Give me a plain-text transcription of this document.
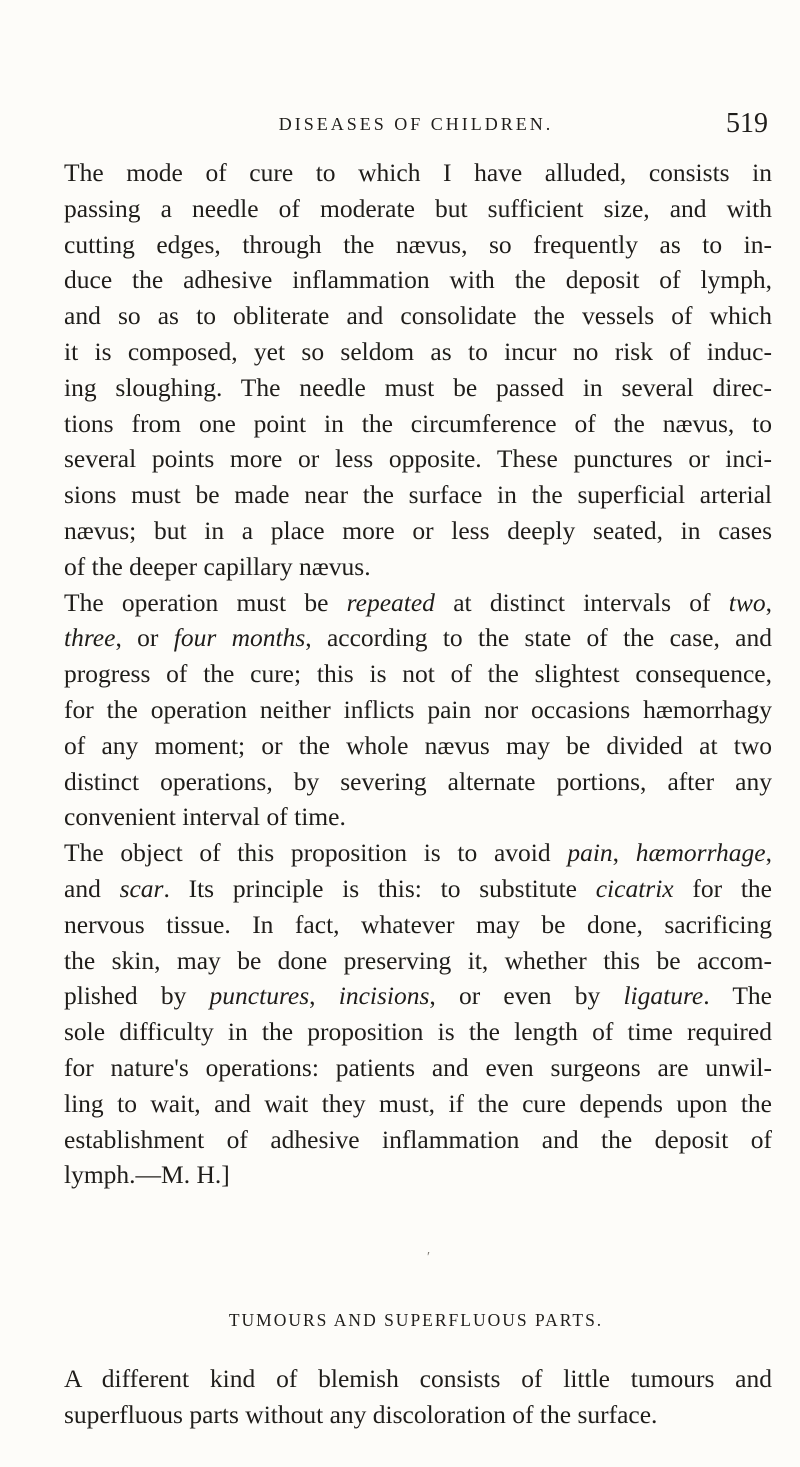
DISEASES OF CHILDREN.	519
The mode of cure to which I have alluded, consists in
passing a needle of moderate but sufficient size, and with
cutting edges, through the nævus, so frequently as to in-
duce the adhesive inflammation with the deposit of lymph,
and so as to obliterate and consolidate the vessels of which
it is composed, yet so seldom as to incur no risk of induc-
ing sloughing. The needle must be passed in several direc-
tions from one point in the circumference of the nævus, to
several points more or less opposite. These punctures or inci-
sions must be made near the surface in the superficial arterial
nævus; but in a place more or less deeply seated, in cases
of the deeper capillary nævus.
The operation must be repeated at distinct intervals of two,
three, or four months, according to the state of the case, and
progress of the cure; this is not of the slightest consequence,
for the operation neither inflicts pain nor occasions hæmorrhagy
of any moment; or the whole nævus may be divided at two
distinct operations, by severing alternate portions, after any
convenient interval of time.
The object of this proposition is to avoid pain, hæmorrhage,
and scar. Its principle is this: to substitute cicatrix for the
nervous tissue. In fact, whatever may be done, sacrificing
the skin, may be done preserving it, whether this be accom-
plished by punctures, incisions, or even by ligature. The
sole difficulty in the proposition is the length of time required
for nature's operations: patients and even surgeons are unwil-
ling to wait, and wait they must, if the cure depends upon the
establishment of adhesive inflammation and the deposit of
lymph.—M. H.]
′
TUMOURS AND SUPERFLUOUS PARTS.
A different kind of blemish consists of little tumours and
superfluous parts without any discoloration of the surface.
